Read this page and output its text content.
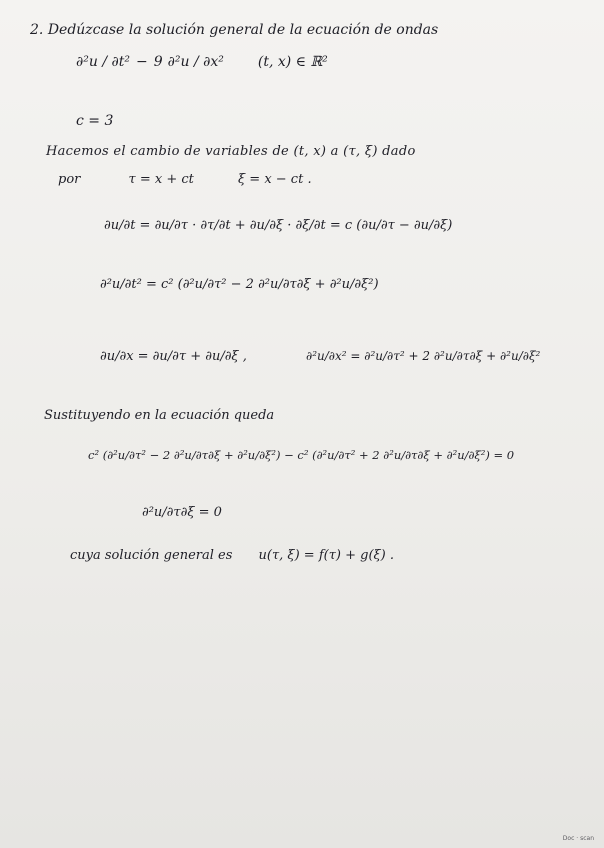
2. Dedúzcase la solución general de la ecuación de ondas
∂²u / ∂t² − 9 ∂²u / ∂x² (t, x) ∈ ℝ²
c = 3
Hacemos el cambio de variables de (t, x) a (τ, ξ) dado
por	τ = x + ct	ξ = x − ct .
∂u/∂t = ∂u/∂τ · ∂τ/∂t + ∂u/∂ξ · ∂ξ/∂t = c (∂u/∂τ − ∂u/∂ξ)
∂²u/∂t² = c² (∂²u/∂τ² − 2 ∂²u/∂τ∂ξ + ∂²u/∂ξ²)
∂u/∂x = ∂u/∂τ + ∂u/∂ξ ,	∂²u/∂x² = ∂²u/∂τ² + 2 ∂²u/∂τ∂ξ + ∂²u/∂ξ²
Sustituyendo en la ecuación queda
c² (∂²u/∂τ² − 2 ∂²u/∂τ∂ξ + ∂²u/∂ξ²) − c² (∂²u/∂τ² + 2 ∂²u/∂τ∂ξ + ∂²u/∂ξ²) = 0
∂²u/∂τ∂ξ = 0
cuya solución general es u(τ, ξ) = f(τ) + g(ξ) .
Doc · scan
